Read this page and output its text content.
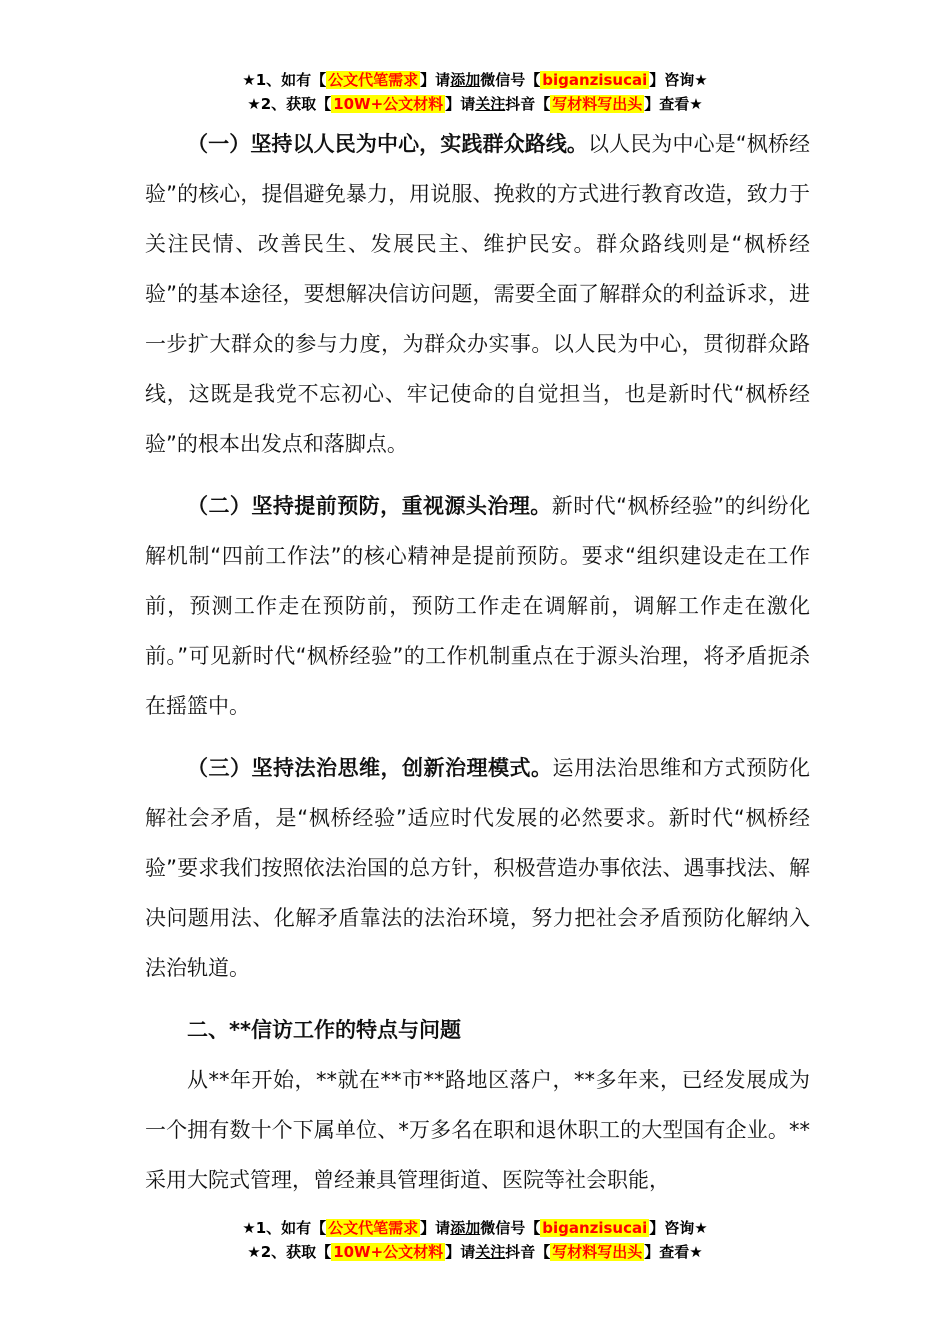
★1、如有【 公文代笔需求 】请添加微信号【 biganzisucai 】咨询★
★2、获取【 10W+公文材料 】请关注抖音【 写材料写出头 】查看★

（一）坚持以人民为中心，实践群众路线。以人民为中心是“枫桥经验”的核心，提倡避免暴力，用说服、挽救的方式进行教育改造，致力于关注民情、改善民生、发展民主、维护民安。群众路线则是“枫桥经验”的基本途径，要想解决信访问题，需要全面了解群众的利益诉求，进一步扩大群众的参与力度，为群众办实事。以人民为中心，贯彻群众路线，这既是我党不忘初心、牢记使命的自觉担当，也是新时代“枫桥经验”的根本出发点和落脚点。

（二）坚持提前预防，重视源头治理。新时代“枫桥经验”的纠纷化解机制“四前工作法”的核心精神是提前预防。要求“组织建设走在工作前，预测工作走在预防前，预防工作走在调解前，调解工作走在激化前。”可见新时代“枫桥经验”的工作机制重点在于源头治理，将矛盾扼杀在摇篮中。

（三）坚持法治思维，创新治理模式。运用法治思维和方式预防化解社会矛盾，是“枫桥经验”适应时代发展的必然要求。新时代“枫桥经验”要求我们按照依法治国的总方针，积极营造办事依法、遇事找法、解决问题用法、化解矛盾靠法的法治环境，努力把社会矛盾预防化解纳入法治轨道。

二、**信访工作的特点与问题

从**年开始，**就在**市**路地区落户，**多年来，已经发展成为一个拥有数十个下属单位、*万多名在职和退休职工的大型国有企业。**采用大院式管理，曾经兼具管理街道、医院等社会职能，

★1、如有【 公文代笔需求 】请添加微信号【 biganzisucai 】咨询★
★2、获取【 10W+公文材料 】请关注抖音【 写材料写出头 】查看★
